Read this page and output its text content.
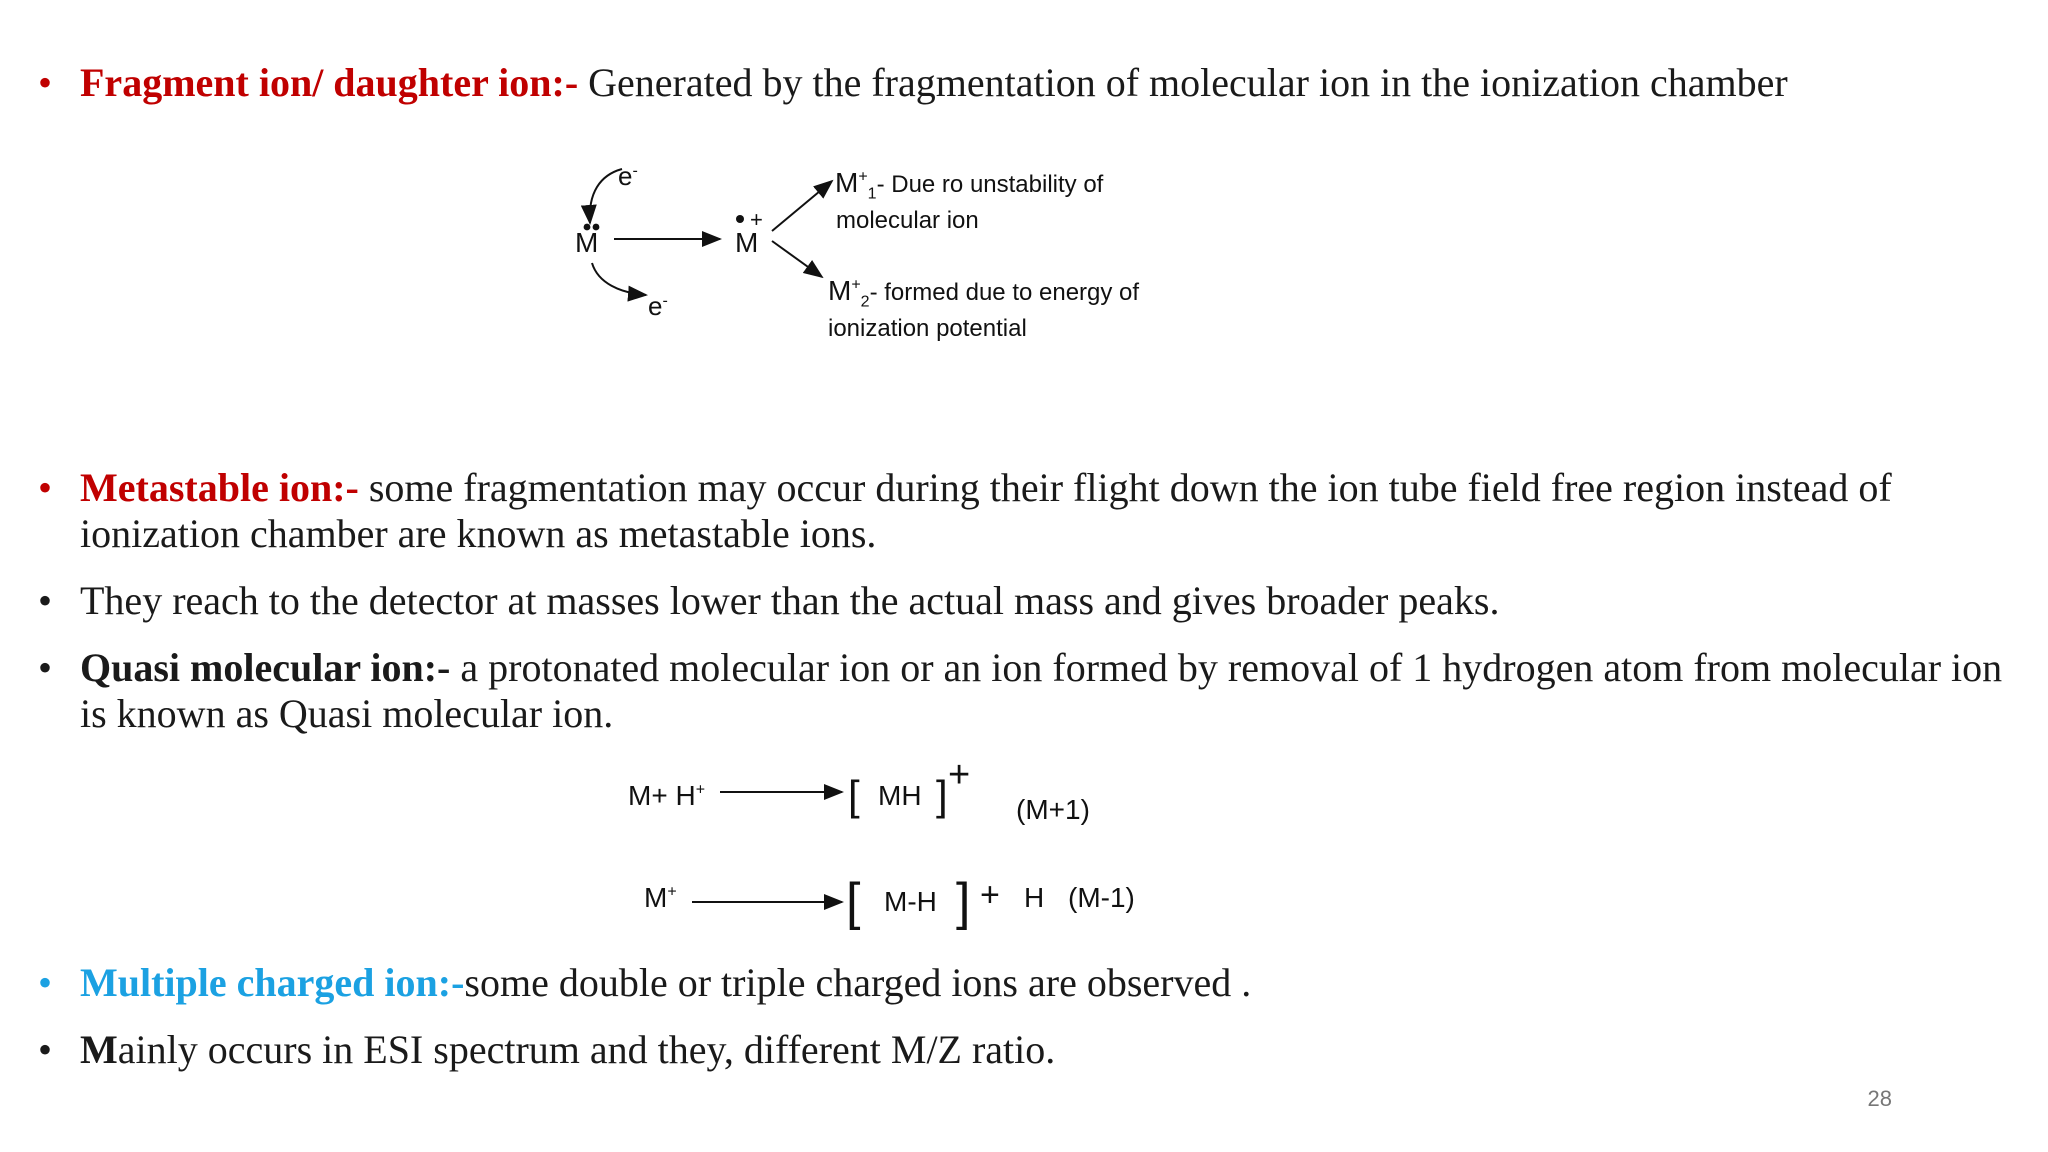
• Fragment ion/ daughter ion:- Generated by the fragmentation of molecular ion in the ionization chamber
e-
M
e-
+
M
$M^+_1-$ Due ro unstability of
molecular ion
$M^+_2-$ formed due to energy of
ionization potential
• Metastable ion:- some fragmentation may occur during their flight down the ion tube field free region instead of ionization chamber are known as metastable ions.
• They reach to the detector at masses lower than the actual mass and gives broader peaks.
• Quasi molecular ion:- a protonated molecular ion or an ion formed by removal of 1 hydrogen atom from molecular ion is known as Quasi molecular ion.
M+ H+	[ MH ] +
(M+1)
M+	[ M-H ] + H (M-1)
• Multiple charged ion:-some double or triple charged ions are observed .
• Mainly occurs in ESI spectrum and they, different M/Z ratio.
28
